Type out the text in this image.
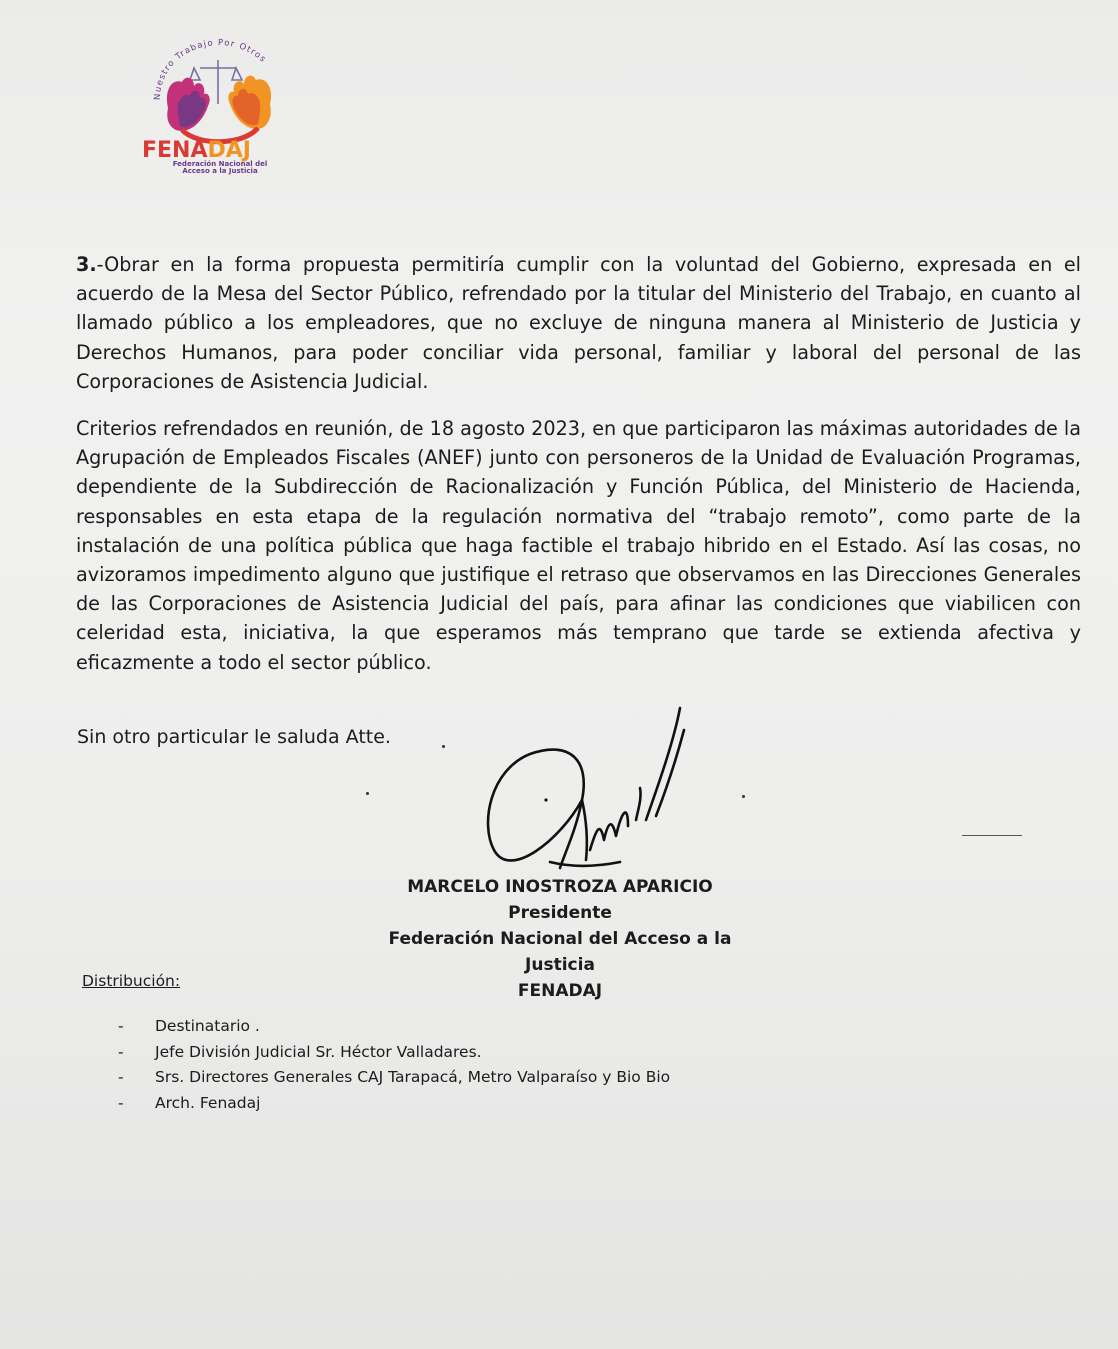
Nuestro Trabajo Por Otros
FENADAJ
Federación Nacional del
Acceso a la Justicia

3.-Obrar en la forma propuesta permitiría cumplir con la voluntad del Gobierno, expresada en el acuerdo de la Mesa del Sector Público, refrendado por la titular del Ministerio del Trabajo, en cuanto al llamado público a los empleadores, que no excluye de ninguna manera al Ministerio de Justicia y Derechos Humanos, para poder conciliar vida personal, familiar y laboral del personal de las Corporaciones de Asistencia Judicial.

Criterios refrendados en reunión, de 18 agosto 2023, en que participaron las máximas autoridades de la Agrupación de Empleados Fiscales (ANEF) junto con personeros de la Unidad de Evaluación Programas, dependiente de la Subdirección de Racionalización y Función Pública, del Ministerio de Hacienda, responsables en esta etapa de la regulación normativa del “trabajo remoto”, como parte de la instalación de una política pública que haga factible el trabajo hibrido en el Estado. Así las cosas, no avizoramos impedimento alguno que justifique el retraso que observamos en las Direcciones Generales de las Corporaciones de Asistencia Judicial del país, para afinar las condiciones que viabilicen con celeridad esta, iniciativa, la que esperamos más temprano que tarde se extienda afectiva y eficazmente a todo el sector público.

Sin otro particular le saluda Atte.
MARCELO INOSTROZA APARICIO
Presidente
Federación Nacional del Acceso a la Justicia
FENADAJ
Distribución:
- Destinatario .
- Jefe División Judicial Sr. Héctor Valladares.
- Srs. Directores Generales CAJ Tarapacá, Metro Valparaíso y Bio Bio
- Arch. Fenadaj
